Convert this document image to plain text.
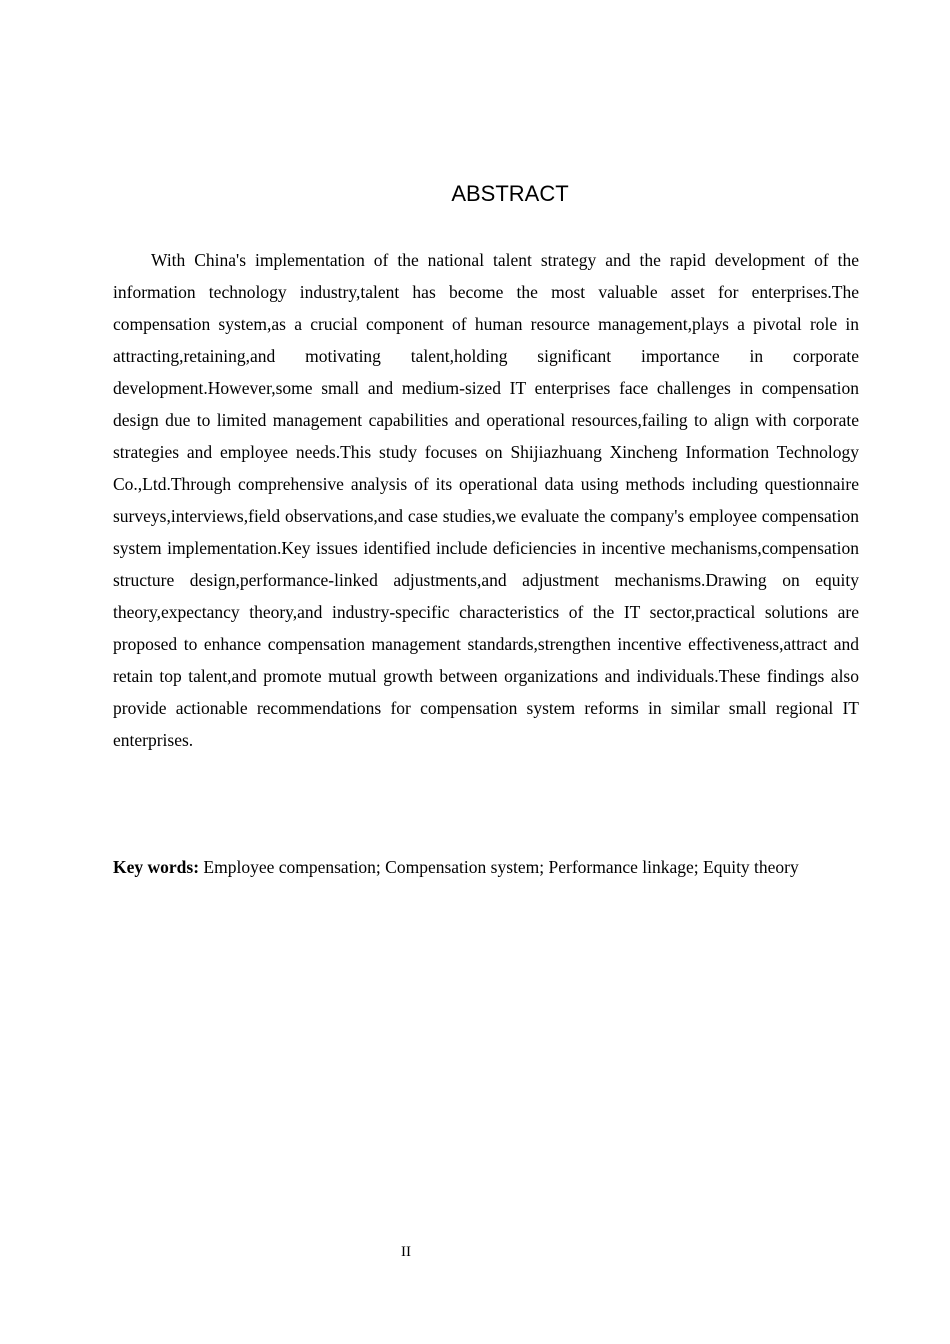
ABSTRACT

With China's implementation of the national talent strategy and the rapid development of the information technology industry,talent has become the most valuable asset for enterprises.The compensation system,as a crucial component of human resource management,plays a pivotal role in attracting,retaining,and motivating talent,holding significant importance in corporate development.However,some small and medium-sized IT enterprises face challenges in compensation design due to limited management capabilities and operational resources,failing to align with corporate strategies and employee needs.This study focuses on Shijiazhuang Xincheng Information Technology Co.,Ltd.Through comprehensive analysis of its operational data using methods including questionnaire surveys,interviews,field observations,and case studies,we evaluate the company's employee compensation system implementation.Key issues identified include deficiencies in incentive mechanisms,compensation structure design,performance-linked adjustments,and adjustment mechanisms.Drawing on equity theory,expectancy theory,and industry-specific characteristics of the IT sector,practical solutions are proposed to enhance compensation management standards,strengthen incentive effectiveness,attract and retain top talent,and promote mutual growth between organizations and individuals.These findings also provide actionable recommendations for compensation system reforms in similar small regional IT enterprises.

Key words: Employee compensation; Compensation system; Performance linkage; Equity theory

II
